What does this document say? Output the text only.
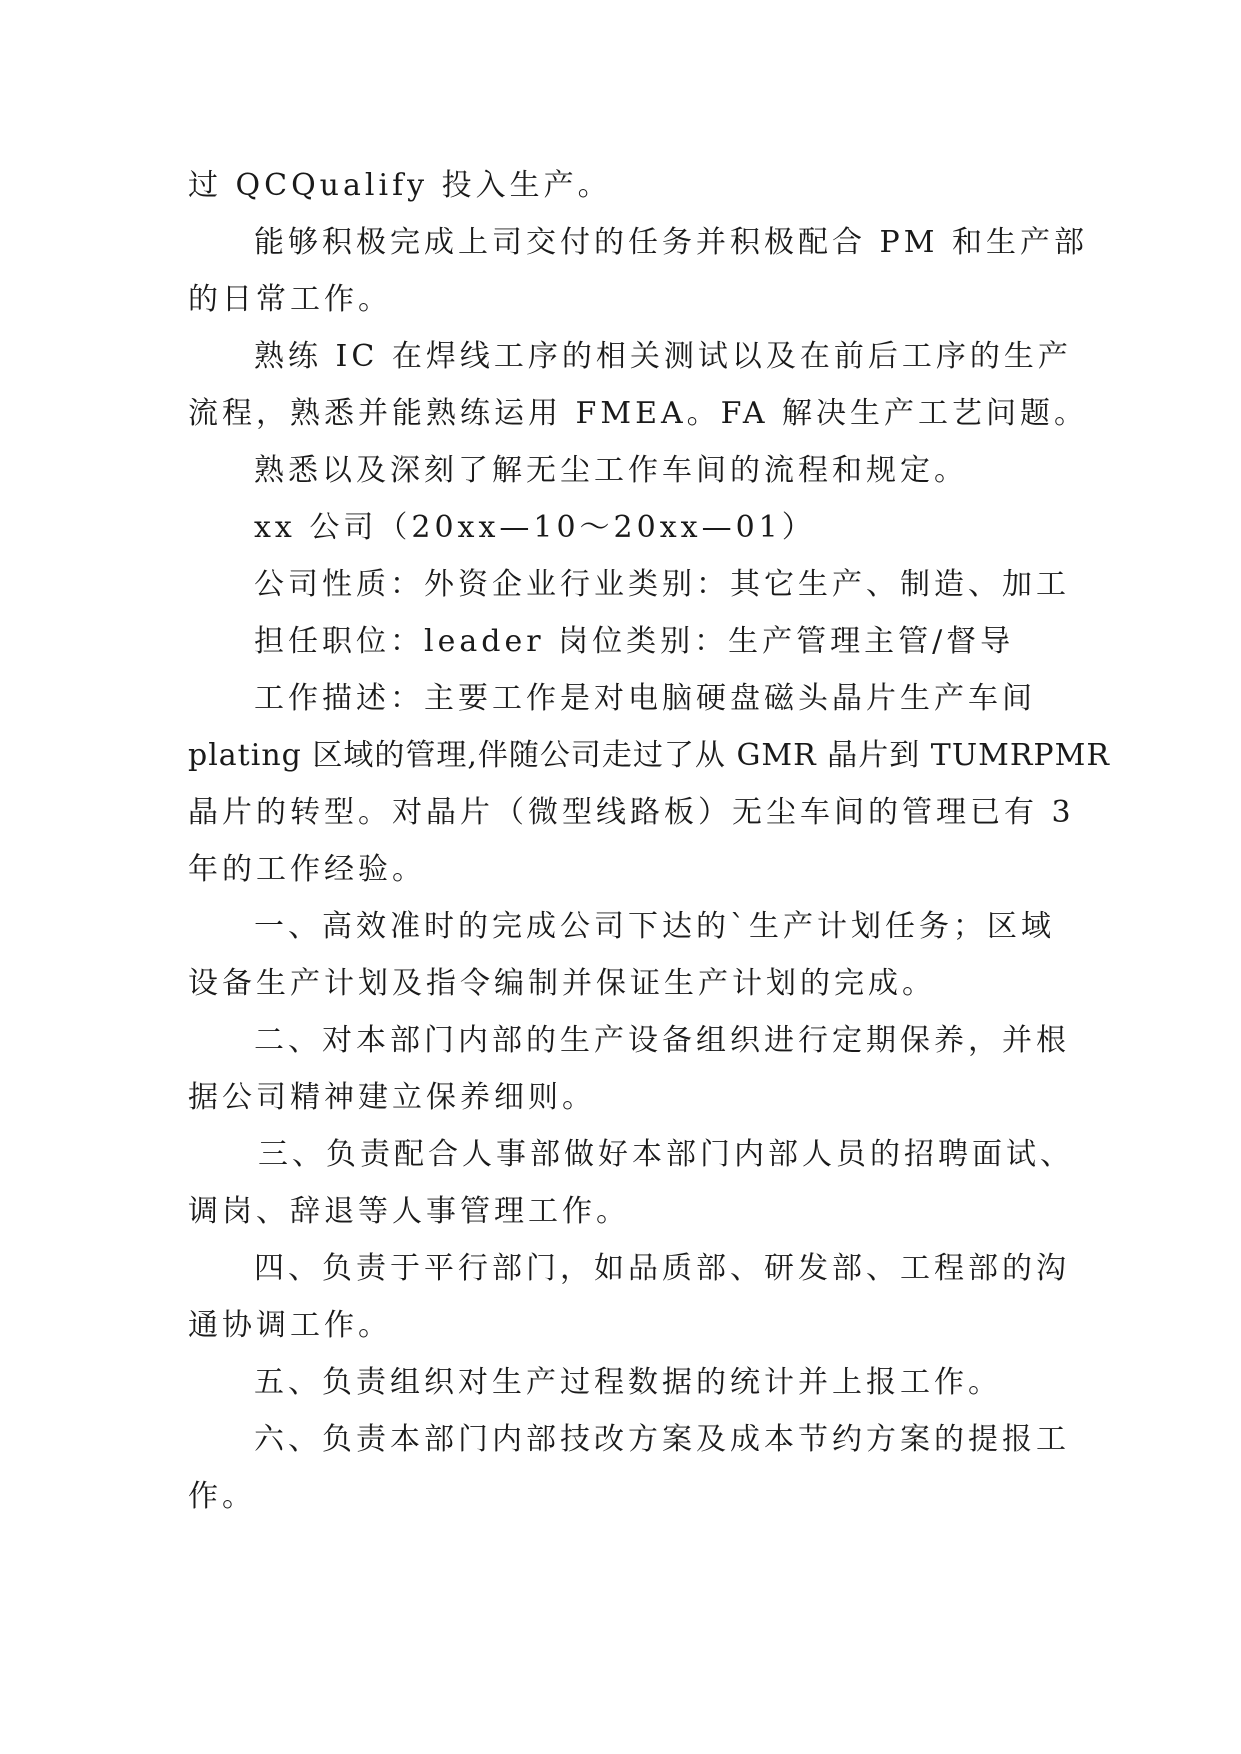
过 QCQualify 投入生产。

能够积极完成上司交付的任务并积极配合 PM 和生产部

的日常工作。

熟练 IC 在焊线工序的相关测试以及在前后工序的生产

流程，熟悉并能熟练运用 FMEA。FA 解决生产工艺问题。

熟悉以及深刻了解无尘工作车间的流程和规定。

xx 公司（20xx—10～20xx—01）

公司性质：外资企业行业类别：其它生产、制造、加工

担任职位：leader 岗位类别：生产管理主管/督导

工作描述：主要工作是对电脑硬盘磁头晶片生产车间

plating 区域的管理,伴随公司走过了从 GMR 晶片到 TUMRPMR

晶片的转型。对晶片（微型线路板）无尘车间的管理已有 3

年的工作经验。

一、高效准时的完成公司下达的`生产计划任务；区域

设备生产计划及指令编制并保证生产计划的完成。

二、对本部门内部的生产设备组织进行定期保养，并根

据公司精神建立保养细则。

三、负责配合人事部做好本部门内部人员的招聘面试、

调岗、辞退等人事管理工作。

四、负责于平行部门，如品质部、研发部、工程部的沟

通协调工作。

五、负责组织对生产过程数据的统计并上报工作。

六、负责本部门内部技改方案及成本节约方案的提报工

作。
